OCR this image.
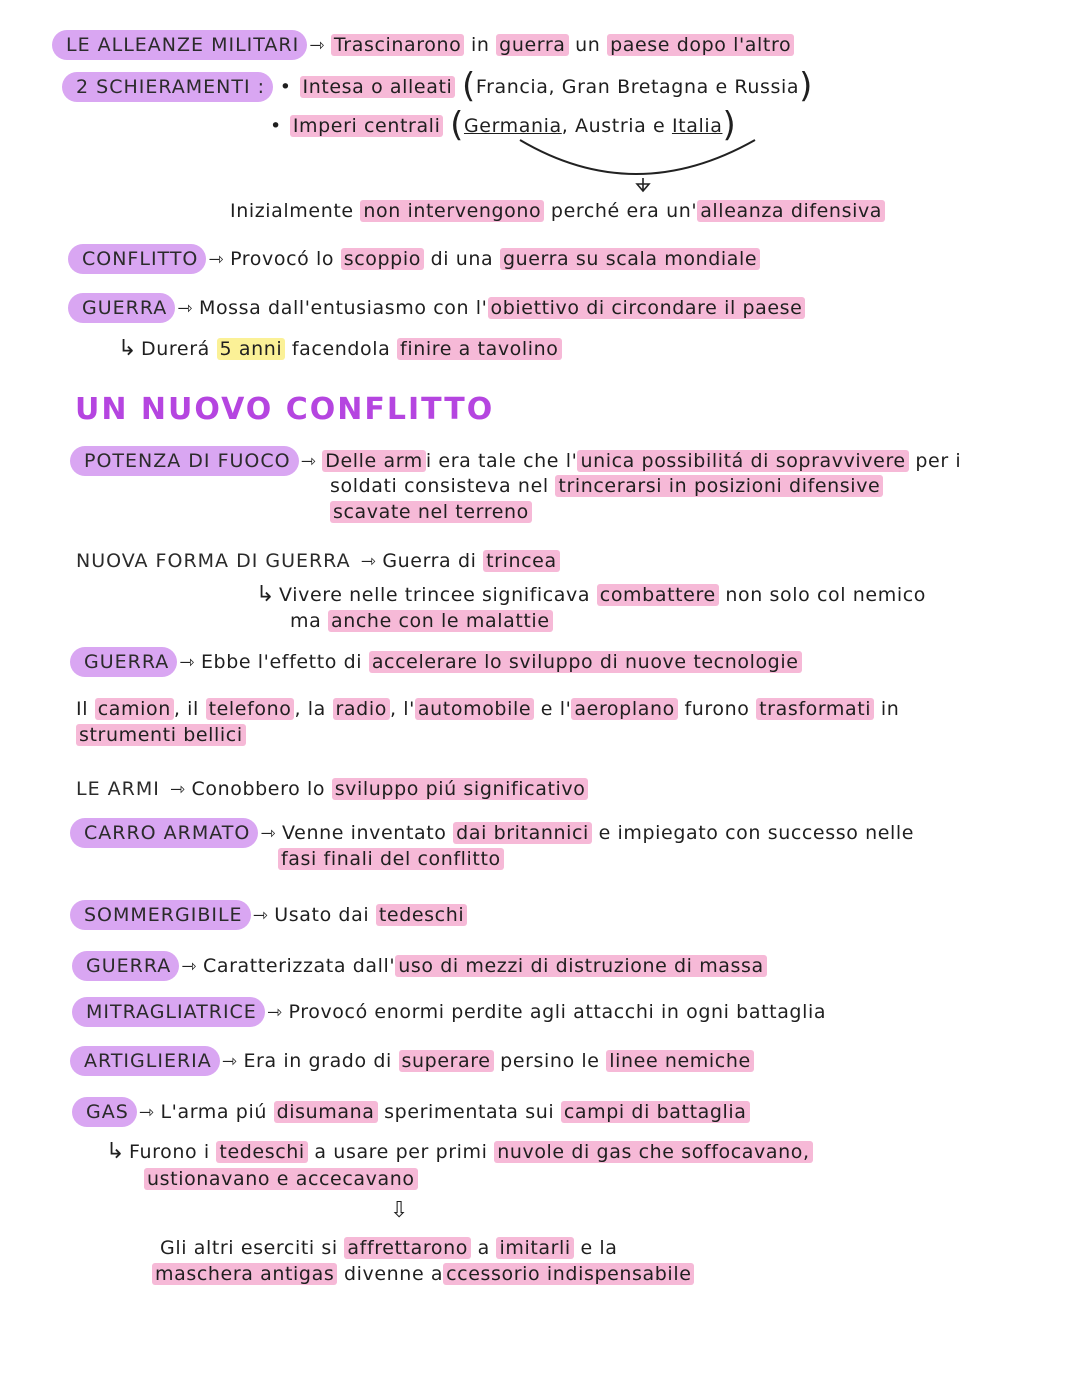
LE ALLEANZE MILITARI ⇾ Trascinarono in guerra un paese dopo l'altro
2 SCHIERAMENTI : • Intesa o alleati (Francia, Gran Bretagna e Russia)
• Imperi centrali (Germania, Austria e Italia)
Inizialmente non intervengono perché era un' alleanza difensiva
CONFLITTO ⇾ Provocó lo scoppio di una guerra su scala mondiale
GUERRA ⇾ Mossa dall'entusiasmo con l' obiettivo di circondare il paese
↳ Durerá 5 anni facendola finire a tavolino
UN NUOVO CONFLITTO
POTENZA DI FUOCO ⇾ Delle arm i era tale che l' unica possibilitá di sopravvivere per i
soldati consisteva nel trincerarsi in posizioni difensive
scavate nel terreno
NUOVA FORMA DI GUERRA ⇾ Guerra di trincea
↳ Vivere nelle trincee significava combattere non solo col nemico
ma anche con le malattie
GUERRA ⇾ Ebbe l'effetto di accelerare lo sviluppo di nuove tecnologie
Il camion , il telefono , la radio , l' automobile e l' aeroplano furono trasformati in
strumenti bellici
LE ARMI ⇾ Conobbero lo sviluppo piú significativo
CARRO ARMATO ⇾ Venne inventato dai britannici e impiegato con successo nelle
fasi finali del conflitto
SOMMERGIBILE ⇾ Usato dai tedeschi
GUERRA ⇾ Caratterizzata dall' uso di mezzi di distruzione di massa
MITRAGLIATRICE ⇾ Provocó enormi perdite agli attacchi in ogni battaglia
ARTIGLIERIA ⇾ Era in grado di superare persino le linee nemiche
GAS ⇾ L'arma piú disumana sperimentata sui campi di battaglia
↳ Furono i tedeschi a usare per primi nuvole di gas che soffocavano,
ustionavano e accecavano
⇩
Gli altri eserciti si affrettarono a imitarli e la
maschera antigas divenne a ccessorio indispensabile
